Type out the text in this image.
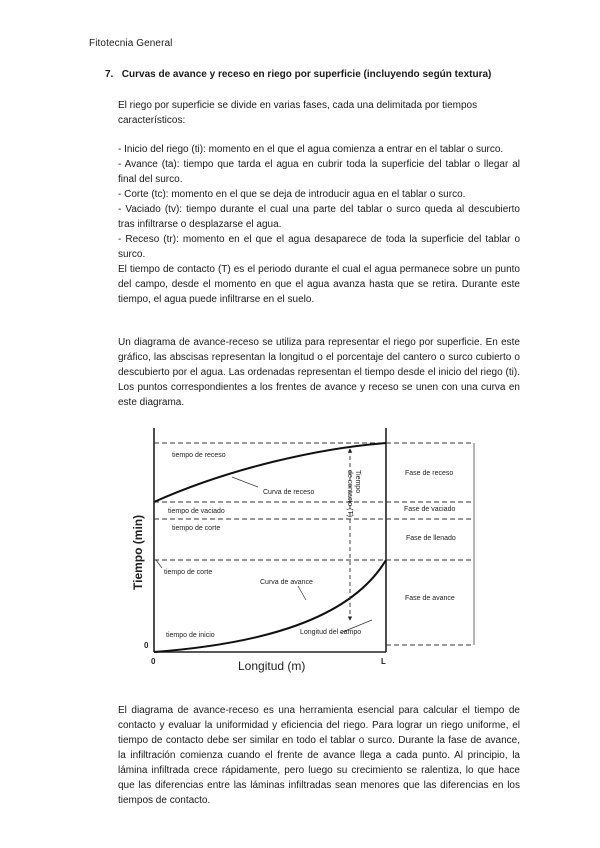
Fitotecnia General
7. Curvas de avance y receso en riego por superficie (incluyendo según textura)

El riego por superficie se divide en varias fases, cada una delimitada por tiempos característicos:

- Inicio del riego (ti): momento en el que el agua comienza a entrar en el tablar o surco.

- Avance (ta): tiempo que tarda el agua en cubrir toda la superficie del tablar o llegar al final del surco.

- Corte (tc): momento en el que se deja de introducir agua en el tablar o surco.

- Vaciado (tv): tiempo durante el cual una parte del tablar o surco queda al descubierto tras infiltrarse o desplazarse el agua.

- Receso (tr): momento en el que el agua desaparece de toda la superficie del tablar o surco.

El tiempo de contacto (T) es el periodo durante el cual el agua permanece sobre un punto del campo, desde el momento en que el agua avanza hasta que se retira. Durante este tiempo, el agua puede infiltrarse en el suelo.

Un diagrama de avance-receso se utiliza para representar el riego por superficie. En este gráfico, las abscisas representan la longitud o el porcentaje del cantero o surco cubierto o descubierto por el agua. Las ordenadas representan el tiempo desde el inicio del riego (ti). Los puntos correspondientes a los frentes de avance y receso se unen con una curva en este diagrama.

tiempo de receso
Curva de receso
tiempo de vaciado
tiempo de corte
tiempo de corte
Curva de avance
tiempo de inicio	Longitud del campo
Tiempo
de contacto (T)	Fase de receso
Fase de vaciado
Fase de llenado
Fase de avance
Tiempo (min)
Longitud (m)
0
0	L

El diagrama de avance-receso es una herramienta esencial para calcular el tiempo de contacto y evaluar la uniformidad y eficiencia del riego. Para lograr un riego uniforme, el tiempo de contacto debe ser similar en todo el tablar o surco. Durante la fase de avance, la infiltración comienza cuando el frente de avance llega a cada punto. Al principio, la lámina infiltrada crece rápidamente, pero luego su crecimiento se ralentiza, lo que hace que las diferencias entre las láminas infiltradas sean menores que las diferencias en los tiempos de contacto.
